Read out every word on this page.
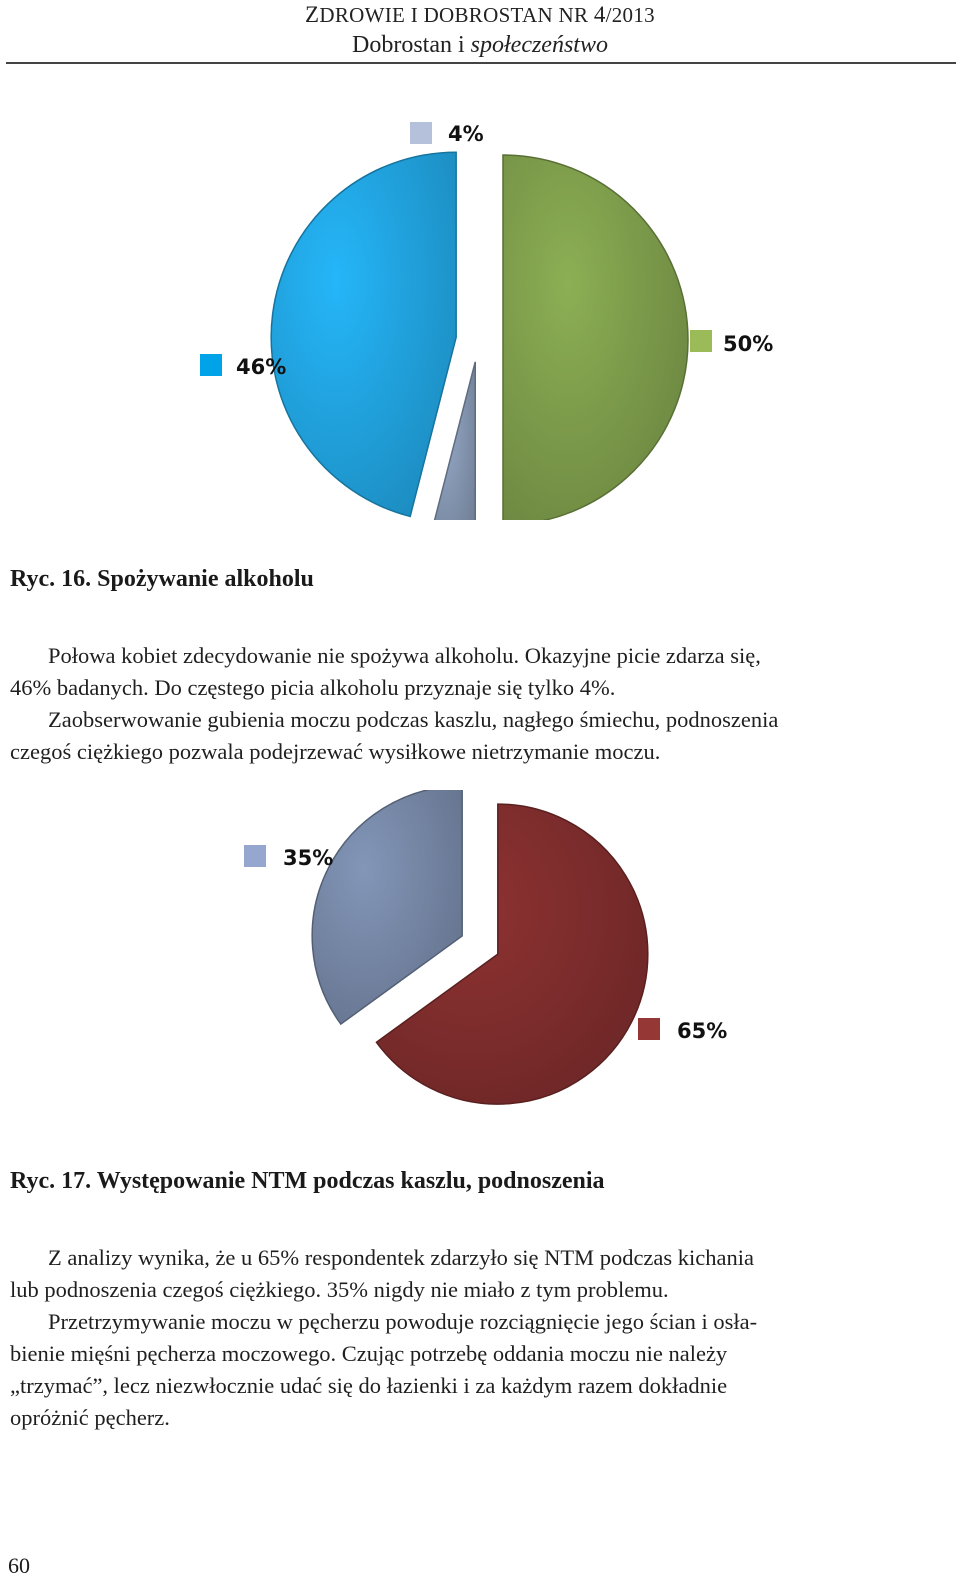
ZDROWIE I DOBROSTAN NR 4/2013
Dobrostan i społeczeństwo
50%
4%
46%
Ryc. 16. Spożywanie alkoholu

Połowa kobiet zdecydowanie nie spożywa alkoholu. Okazyjne picie zdarza się,

46% badanych. Do częstego picia alkoholu przyznaje się tylko 4%.

Zaobserwowanie gubienia moczu podczas kaszlu, nagłego śmiechu, podnoszenia

czegoś ciężkiego pozwala podejrzewać wysiłkowe nietrzymanie moczu.

65%
35%
Ryc. 17. Występowanie NTM podczas kaszlu, podnoszenia

Z analizy wynika, że u 65% respondentek zdarzyło się NTM podczas kichania

lub podnoszenia czegoś ciężkiego. 35% nigdy nie miało z tym problemu.

Przetrzymywanie moczu w pęcherzu powoduje rozciągnięcie jego ścian i osła-

bienie mięśni pęcherza moczowego. Czując potrzebę oddania moczu nie należy

„trzymać”, lecz niezwłocznie udać się do łazienki i za każdym razem dokładnie

opróżnić pęcherz.

60
